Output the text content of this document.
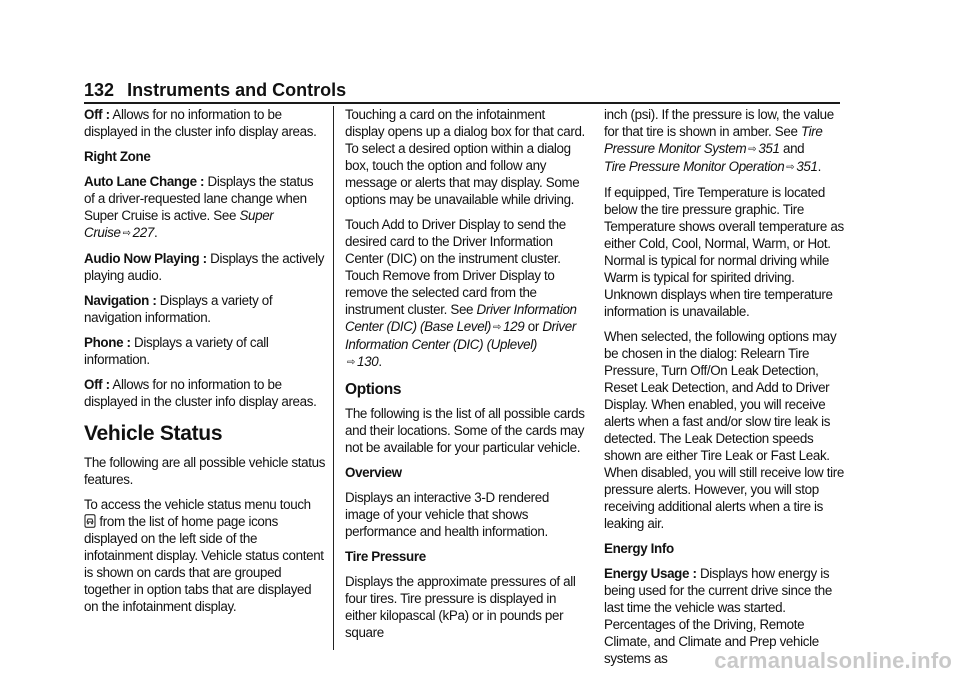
132 Instruments and Controls

Off : Allows for no information to be displayed in the cluster info display areas.

Right Zone

Auto Lane Change : Displays the status of a driver-requested lane change when Super Cruise is active. See Super Cruise ⇨ 227.

Audio Now Playing : Displays the actively playing audio.

Navigation : Displays a variety of navigation information.

Phone : Displays a variety of call information.

Off : Allows for no information to be displayed in the cluster info display areas.

Vehicle Status

The following are all possible vehicle status features.

To access the vehicle status menu touch  from the list of home page icons displayed on the left side of the infotainment display. Vehicle status content is shown on cards that are grouped together in option tabs that are displayed on the infotainment display.

Touching a card on the infotainment display opens up a dialog box for that card. To select a desired option within a dialog box, touch the option and follow any message or alerts that may display. Some options may be unavailable while driving.

Touch Add to Driver Display to send the desired card to the Driver Information Center (DIC) on the instrument cluster. Touch Remove from Driver Display to remove the selected card from the instrument cluster. See Driver Information Center (DIC) (Base Level) ⇨ 129 or Driver Information Center (DIC) (Uplevel)
⇨ 130.

Options

The following is the list of all possible cards and their locations. Some of the cards may not be available for your particular vehicle.

Overview

Displays an interactive 3-D rendered image of your vehicle that shows performance and health information.

Tire Pressure

Displays the approximate pressures of all four tires. Tire pressure is displayed in either kilopascal (kPa) or in pounds per square

inch (psi). If the pressure is low, the value for that tire is shown in amber. See Tire Pressure Monitor System ⇨ 351 and
Tire Pressure Monitor Operation ⇨ 351.

If equipped, Tire Temperature is located below the tire pressure graphic. Tire Temperature shows overall temperature as either Cold, Cool, Normal, Warm, or Hot. Normal is typical for normal driving while Warm is typical for spirited driving. Unknown displays when tire temperature information is unavailable.

When selected, the following options may be chosen in the dialog: Relearn Tire Pressure, Turn Off/On Leak Detection, Reset Leak Detection, and Add to Driver Display. When enabled, you will receive alerts when a fast and/or slow tire leak is detected. The Leak Detection speeds shown are either Tire Leak or Fast Leak. When disabled, you will still receive low tire pressure alerts. However, you will stop receiving additional alerts when a tire is leaking air.

Energy Info

Energy Usage : Displays how energy is being used for the current drive since the last time the vehicle was started. Percentages of the Driving, Remote Climate, and Climate and Prep vehicle systems as	carmanualsonline.info
